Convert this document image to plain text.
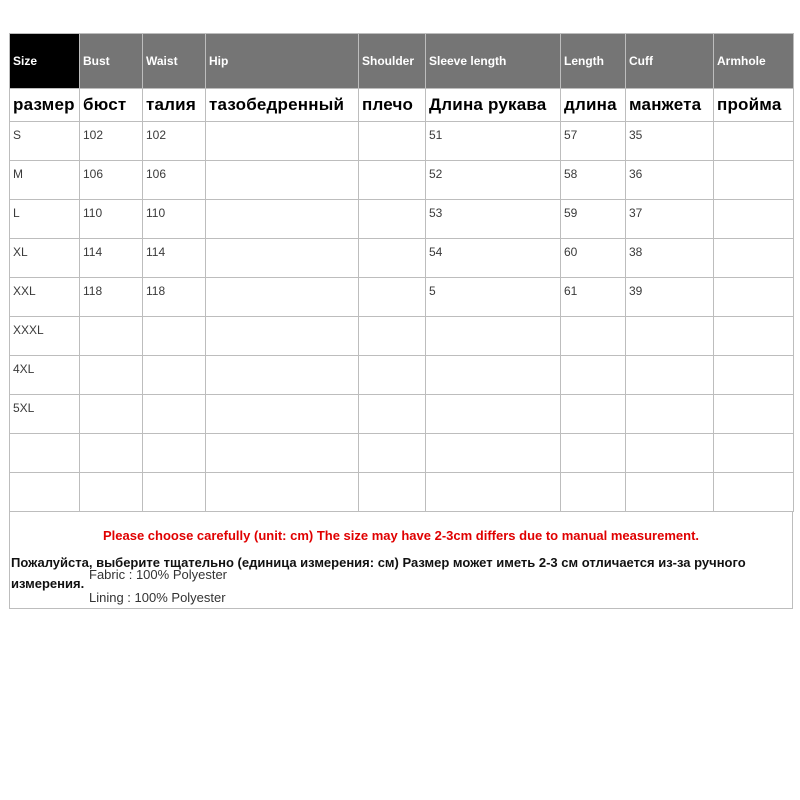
Size	Bust	Waist	Hip	Shoulder	Sleeve length	Length	Cuff	Armhole
размер	бюст	талия	тазобедренный	плечо	Длина рукава	длина	манжета	пройма
S	102	102			51	57	35	
M	106	106			52	58	36	
L	110	110			53	59	37	
XL	114	114			54	60	38	
XXL	118	118			5	61	39	
XXXL								
4XL								
5XL								

Please choose carefully (unit: cm) The size may have 2-3cm differs due to manual measurement.
Пожалуйста, выберите тщательно (единица измерения: см) Размер может иметь 2-3 см отличается из-за ручного измерения.
Fabric : 100% Polyester
Lining : 100% Polyester
